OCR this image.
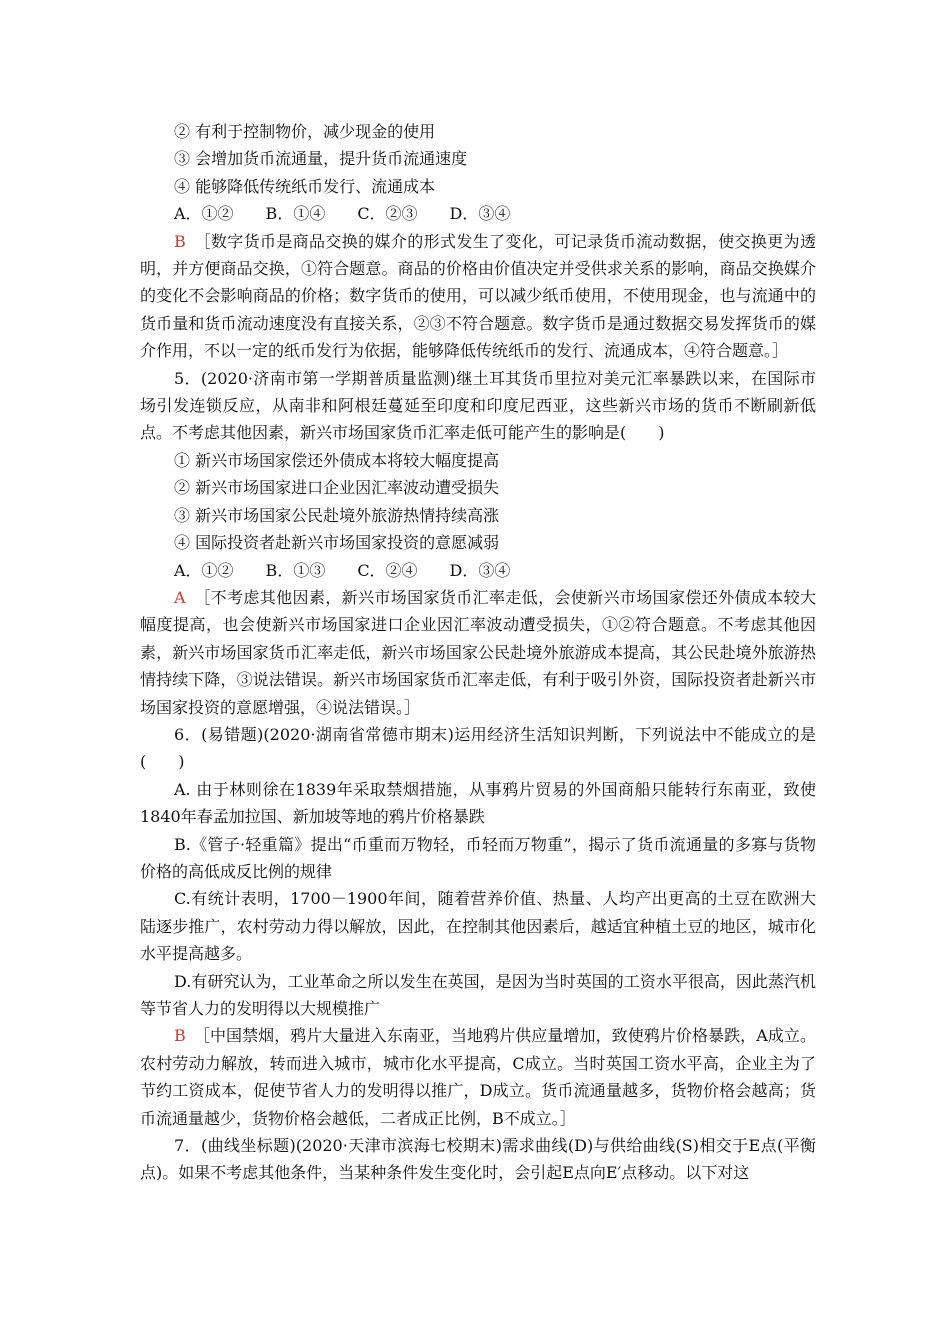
② 有利于控制物价，减少现金的使用
③ 会增加货币流通量，提升货币流通速度
④ 能够降低传统纸币发行、流通成本
A．①②　　B．①④　　C．②③　　D．③④
B　 ［数字货币是商品交换的媒介的形式发生了变化，可记录货币流动数据，使交换更为透明，并方便商品交换，①符合题意。商品的价格由价值决定并受供求关系的影响，商品交换媒介的变化不会影响商品的价格；数字货币的使用，可以减少纸币使用，不使用现金，也与流通中的货币量和货币流动速度没有直接关系，②③不符合题意。数字货币是通过数据交易发挥货币的媒介作用，不以一定的纸币发行为依据，能够降低传统纸币的发行、流通成本，④符合题意。］
5．(2020·济南市第一学期普质量监测)继土耳其货币里拉对美元汇率暴跌以来，在国际市场引发连锁反应，从南非和阿根廷蔓延至印度和印度尼西亚，这些新兴市场的货币不断刷新低点。不考虑其他因素，新兴市场国家货币汇率走低可能产生的影响是(　　)
① 新兴市场国家偿还外债成本将较大幅度提高
② 新兴市场国家进口企业因汇率波动遭受损失
③ 新兴市场国家公民赴境外旅游热情持续高涨
④ 国际投资者赴新兴市场国家投资的意愿减弱
A．①②　　B．①③　　C．②④　　D．③④
A　 ［不考虑其他因素，新兴市场国家货币汇率走低，会使新兴市场国家偿还外债成本较大幅度提高，也会使新兴市场国家进口企业因汇率波动遭受损失，①②符合题意。不考虑其他因素，新兴市场国家货币汇率走低，新兴市场国家公民赴境外旅游成本提高，其公民赴境外旅游热情持续下降，③说法错误。新兴市场国家货币汇率走低，有利于吸引外资，国际投资者赴新兴市场国家投资的意愿增强，④说法错误。］
6．(易错题)(2020·湖南省常德市期末)运用经济生活知识判断，下列说法中不能成立的是(　　)
A. 由于林则徐在1839年采取禁烟措施，从事鸦片贸易的外国商船只能转行东南亚，致使1840年春孟加拉国、新加坡等地的鸦片价格暴跌
B.《管子·轻重篇》提出“币重而万物轻，币轻而万物重”，揭示了货币流通量的多寡与货物价格的高低成反比例的规律
C.有统计表明，1700－1900年间，随着营养价值、热量、人均产出更高的土豆在欧洲大陆逐步推广，农村劳动力得以解放，因此，在控制其他因素后，越适宜种植土豆的地区，城市化水平提高越多。
D.有研究认为，工业革命之所以发生在英国，是因为当时英国的工资水平很高，因此蒸汽机等节省人力的发明得以大规模推广
B　 ［中国禁烟，鸦片大量进入东南亚，当地鸦片供应量增加，致使鸦片价格暴跌，A成立。农村劳动力解放，转而进入城市，城市化水平提高，C成立。当时英国工资水平高，企业主为了节约工资成本，促使节省人力的发明得以推广，D成立。货币流通量越多，货物价格会越高；货币流通量越少，货物价格会越低，二者成正比例，B不成立。］
7．(曲线坐标题)(2020·天津市滨海七校期末)需求曲线(D)与供给曲线(S)相交于E点(平衡点)。如果不考虑其他条件，当某种条件发生变化时，会引起E点向E′点移动。以下对这
